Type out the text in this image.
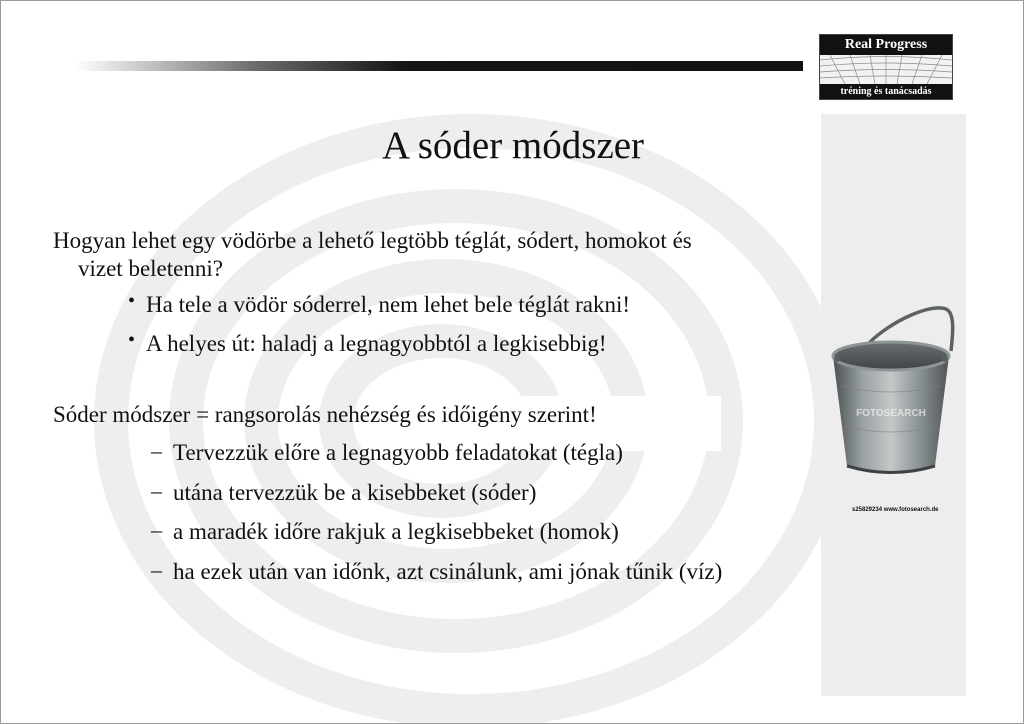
Real Progress
tréning és tanácsadás
A sóder módszer
Hogyan lehet egy vödörbe a lehető legtöbb téglát, sódert, homokot és
vizet beletenni?
• Ha tele a vödör sóderrel, nem lehet bele téglát rakni!
• A helyes út: haladj a legnagyobbtól a legkisebbig!
Sóder módszer = rangsorolás nehézség és időigény szerint!
– Tervezzük előre a legnagyobb feladatokat (tégla)
– utána tervezzük be a kisebbeket (sóder)
– a maradék időre rakjuk a legkisebbeket (homok)
– ha ezek után van időnk, azt csinálunk, ami jónak tűnik (víz)
FOTOSEARCH
s25829234 www.fotosearch.de
